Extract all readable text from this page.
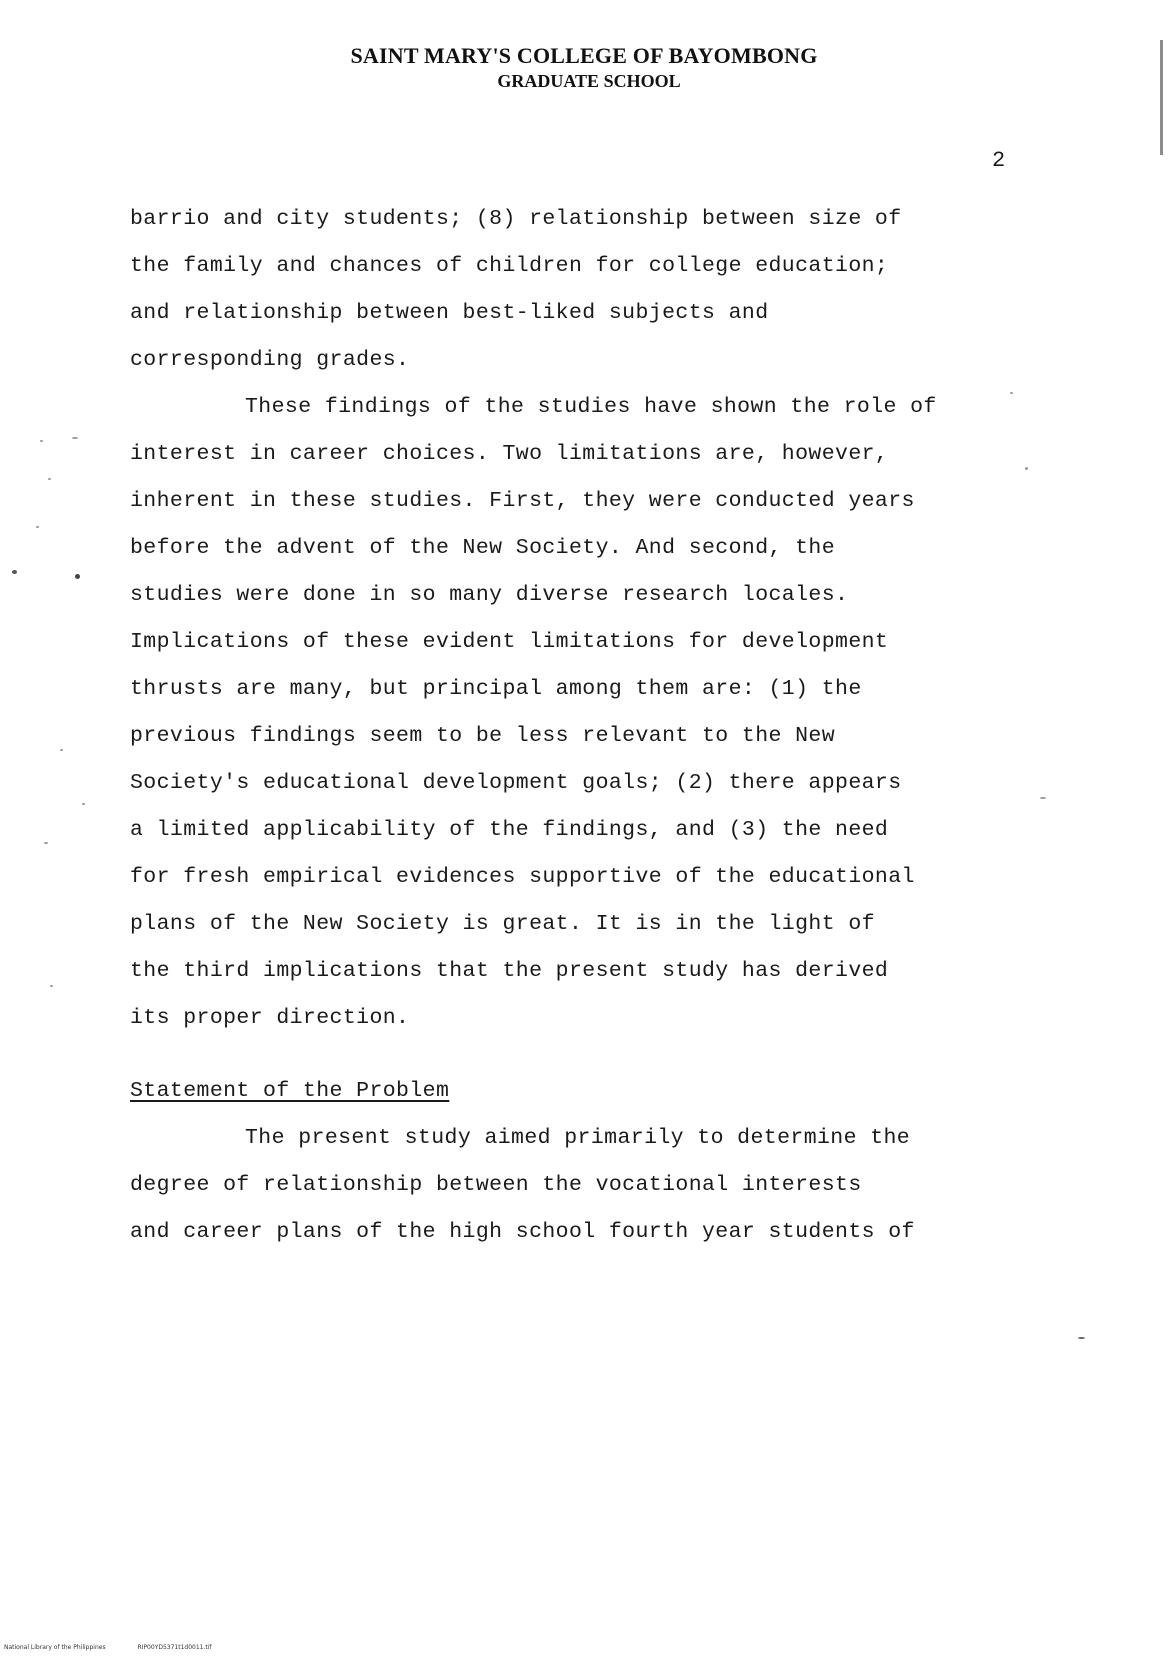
SAINT MARY'S COLLEGE OF BAYOMBONG
GRADUATE SCHOOL
2
barrio and city students; (8) relationship between size of
the family and chances of children for college education;
and relationship between best-liked subjects and
corresponding grades.
These findings of the studies have shown the role of
interest in career choices. Two limitations are, however,
inherent in these studies. First, they were conducted years
before the advent of the New Society. And second, the
studies were done in so many diverse research locales.
Implications of these evident limitations for development
thrusts are many, but principal among them are: (1) the
previous findings seem to be less relevant to the New
Society's educational development goals; (2) there appears
a limited applicability of the findings, and (3) the need
for fresh empirical evidences supportive of the educational
plans of the New Society is great. It is in the light of
the third implications that the present study has derived
its proper direction.
Statement of the Problem
The present study aimed primarily to determine the
degree of relationship between the vocational interests
and career plans of the high school fourth year students of
National Library of the Philippines	RIP00YD5371t1d0011.tif
